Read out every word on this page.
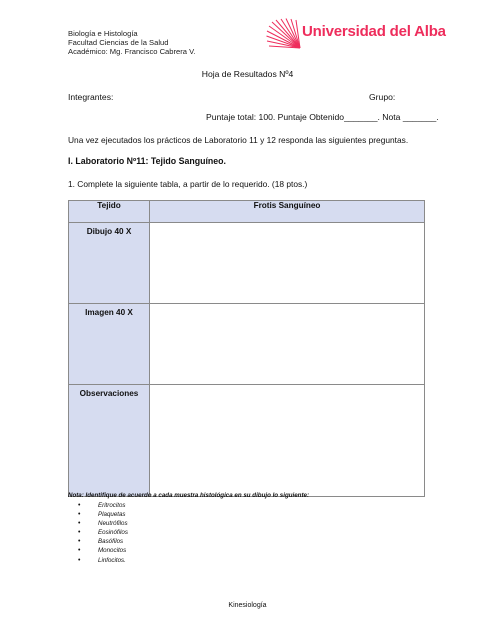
Biología e Histología
Facultad Ciencias de la Salud
Académico: Mg. Francisco Cabrera V.
Universidad del Alba
Hoja de Resultados Nº4
Integrantes:	Grupo:
Puntaje total: 100. Puntaje Obtenido_______. Nota _______.
Una vez ejecutados los prácticos de Laboratorio 11 y 12 responda las siguientes preguntas.
I. Laboratorio Nº11: Tejido Sanguíneo.
1. Complete la siguiente tabla, a partir de lo requerido. (18 ptos.)
Tejido	Frotis Sanguíneo
Dibujo 40 X	
Imagen 40 X	
Observaciones	
Nota: Identifique de acuerdo a cada muestra histológica en su dibujo lo siguiente:
• Eritrocitos
• Plaquetas
• Neutrófilos
• Eosinófilos
• Basófilos
• Monocitos
• Linfocitos.
Kinesiología
